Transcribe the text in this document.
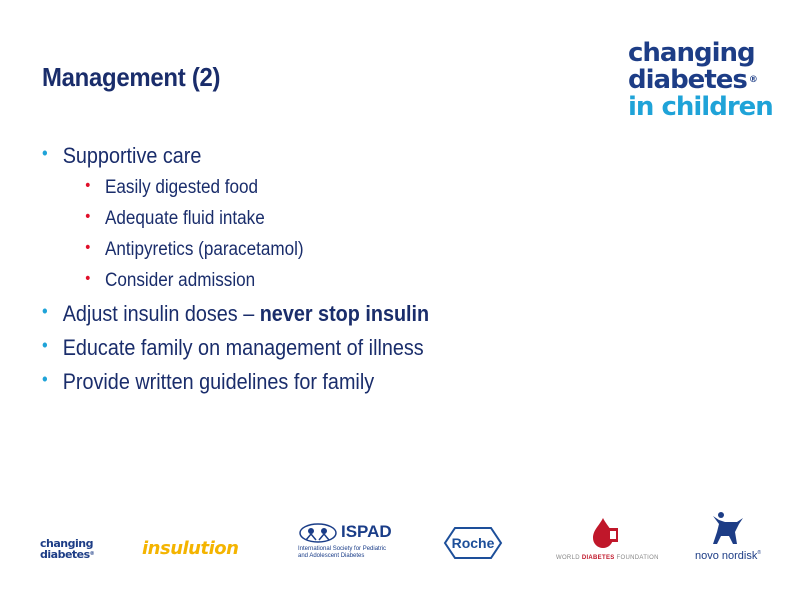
Management (2)
changing
diabetes ®
in children
• Supportive care
• Easily digested food
• Adequate fluid intake
• Antipyretics (paracetamol)
• Consider admission
• Adjust insulin doses – never stop insulin
• Educate family on management of illness
• Provide written guidelines for family
changing
diabetes®	insulution
ISPAD
International Society for Pediatric
and Adolescent Diabetes
Roche
WORLD DIABETES FOUNDATION	novo nordisk®
